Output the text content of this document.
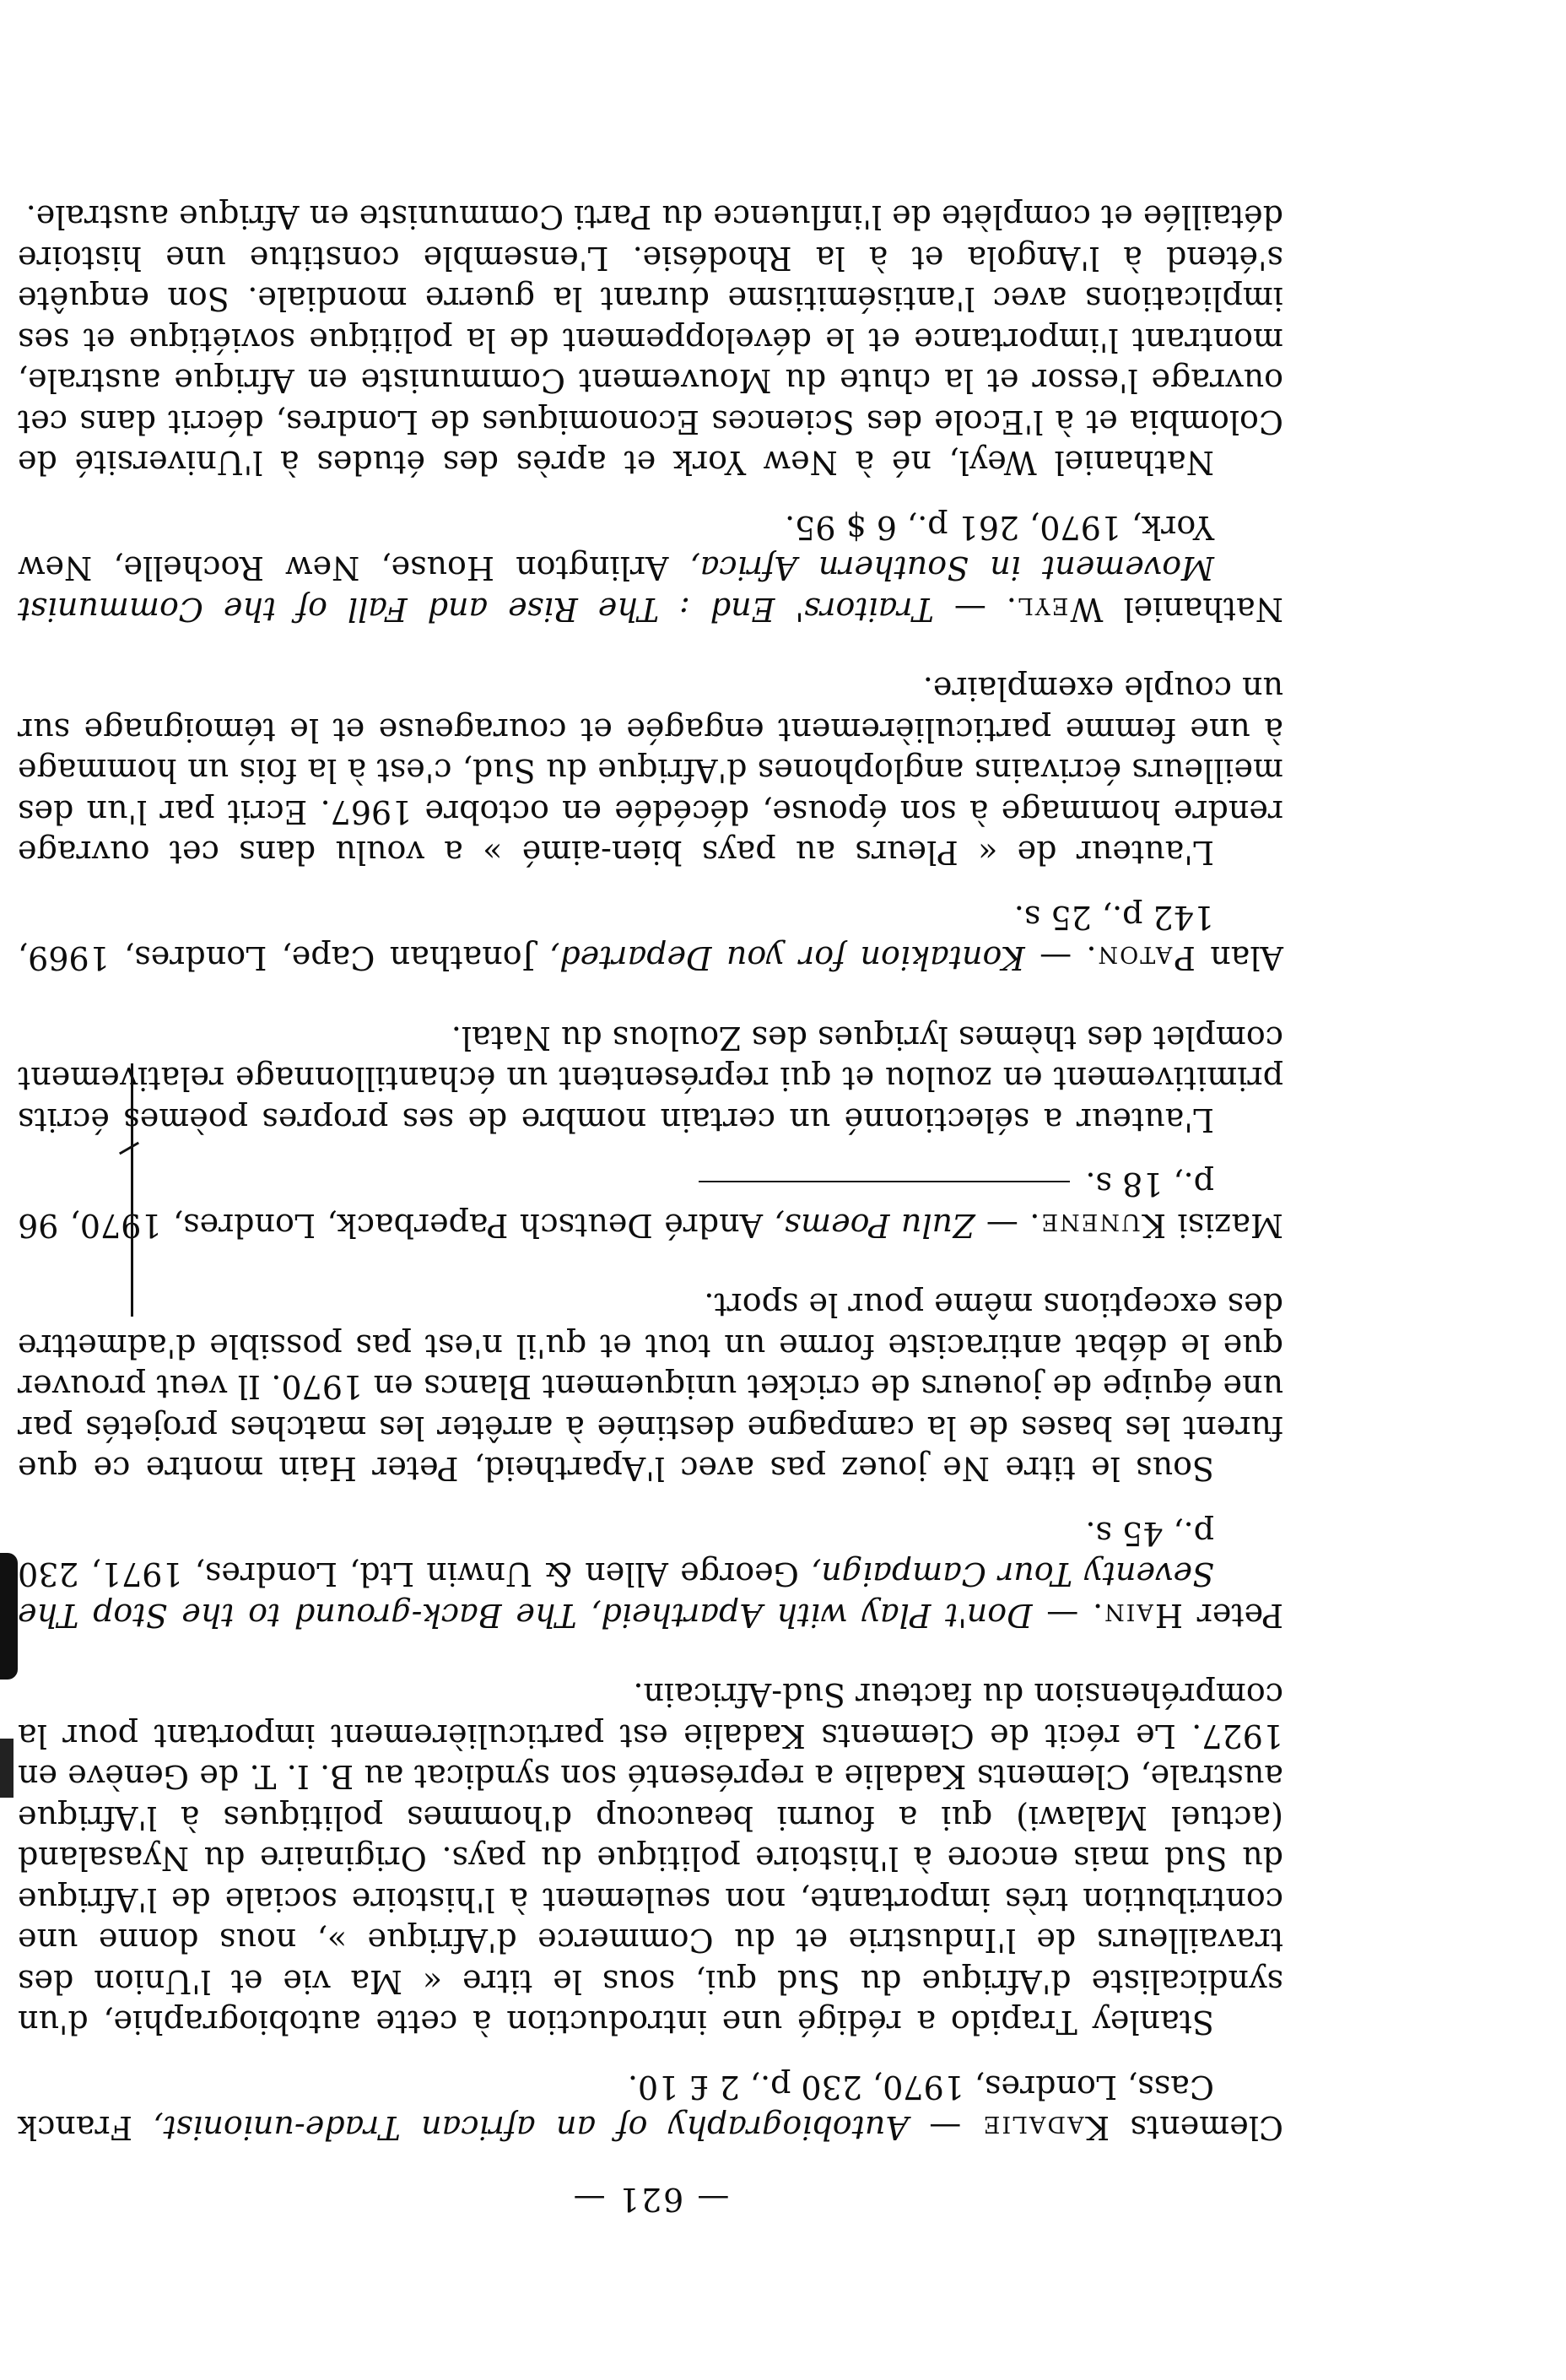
— 621 —

Clements Kadalie — Autobiography of an african Trade-unionist, Franck Cass, Londres, 1970, 230 p., 2 £ 10.

Stanley Trapido a rédigé une introduction à cette autobiographie, d'un syndicaliste d'Afrique du Sud qui, sous le titre « Ma vie et l'Union des travailleurs de l'Industrie et du Commerce d'Afrique », nous donne une contribution très importante, non seulement à l'histoire sociale de l'Afrique du Sud mais encore à l'histoire politique du pays. Originaire du Nyasaland (actuel Malawi) qui a fourni beaucoup d'hommes politiques à l'Afrique australe, Clements Kadalie a représenté son syndicat au B. I. T. de Genève en 1927. Le récit de Clements Kadalie est particulièrement important pour la compréhension du facteur Sud-Africain.

Peter Hain. — Don't Play with Apartheid, The Back-ground to the Stop The Seventy Tour Campaign, George Allen & Unwin Ltd, Londres, 1971, 230 p., 45 s.

Sous le titre Ne jouez pas avec l'Apartheid, Peter Hain montre ce que furent les bases de la campagne destinée à arrêter les matches projetés par une équipe de joueurs de cricket uniquement Blancs en 1970. Il veut prouver que le débat antiraciste forme un tout et qu'il n'est pas possible d'admettre des exceptions même pour le sport.

Mazisi Kunene. — Zulu Poems, André Deutsch Paperback, Londres, 1970, 96 p., 18 s.

L'auteur a sélectionné un certain nombre de ses propres poèmes écrits primitivement en zoulou et qui représentent un échantillonnage relativement complet des thèmes lyriques des Zoulous du Natal.

Alan Paton. — Kontakion for you Departed, Jonathan Cape, Londres, 1969, 142 p., 25 s.

L'auteur de « Pleurs au pays bien-aimé » a voulu dans cet ouvrage rendre hommage à son épouse, décédée en octobre 1967. Ecrit par l'un des meilleurs écrivains anglophones d'Afrique du Sud, c'est à la fois un hommage à une femme particulièrement engagée et courageuse et le témoignage sur un couple exemplaire.

Nathaniel Weyl. — Traitors' End : The Rise and Fall of the Communist Movement in Southern Africa, Arlington House, New Rochelle, New York, 1970, 261 p., 6 $ 95.

Nathaniel Weyl, né à New York et après des études à l'Université de Colombia et à l'Ecole des Sciences Economiques de Londres, décrit dans cet ouvrage l'essor et la chute du Mouvement Communiste en Afrique australe, montrant l'importance et le développement de la politique soviétique et ses implications avec l'antisémitisme durant la guerre mondiale. Son enquête s'étend à l'Angola et à la Rhodésie. L'ensemble constitue une histoire détaillée et complète de l'influence du Parti Communiste en Afrique australe.
